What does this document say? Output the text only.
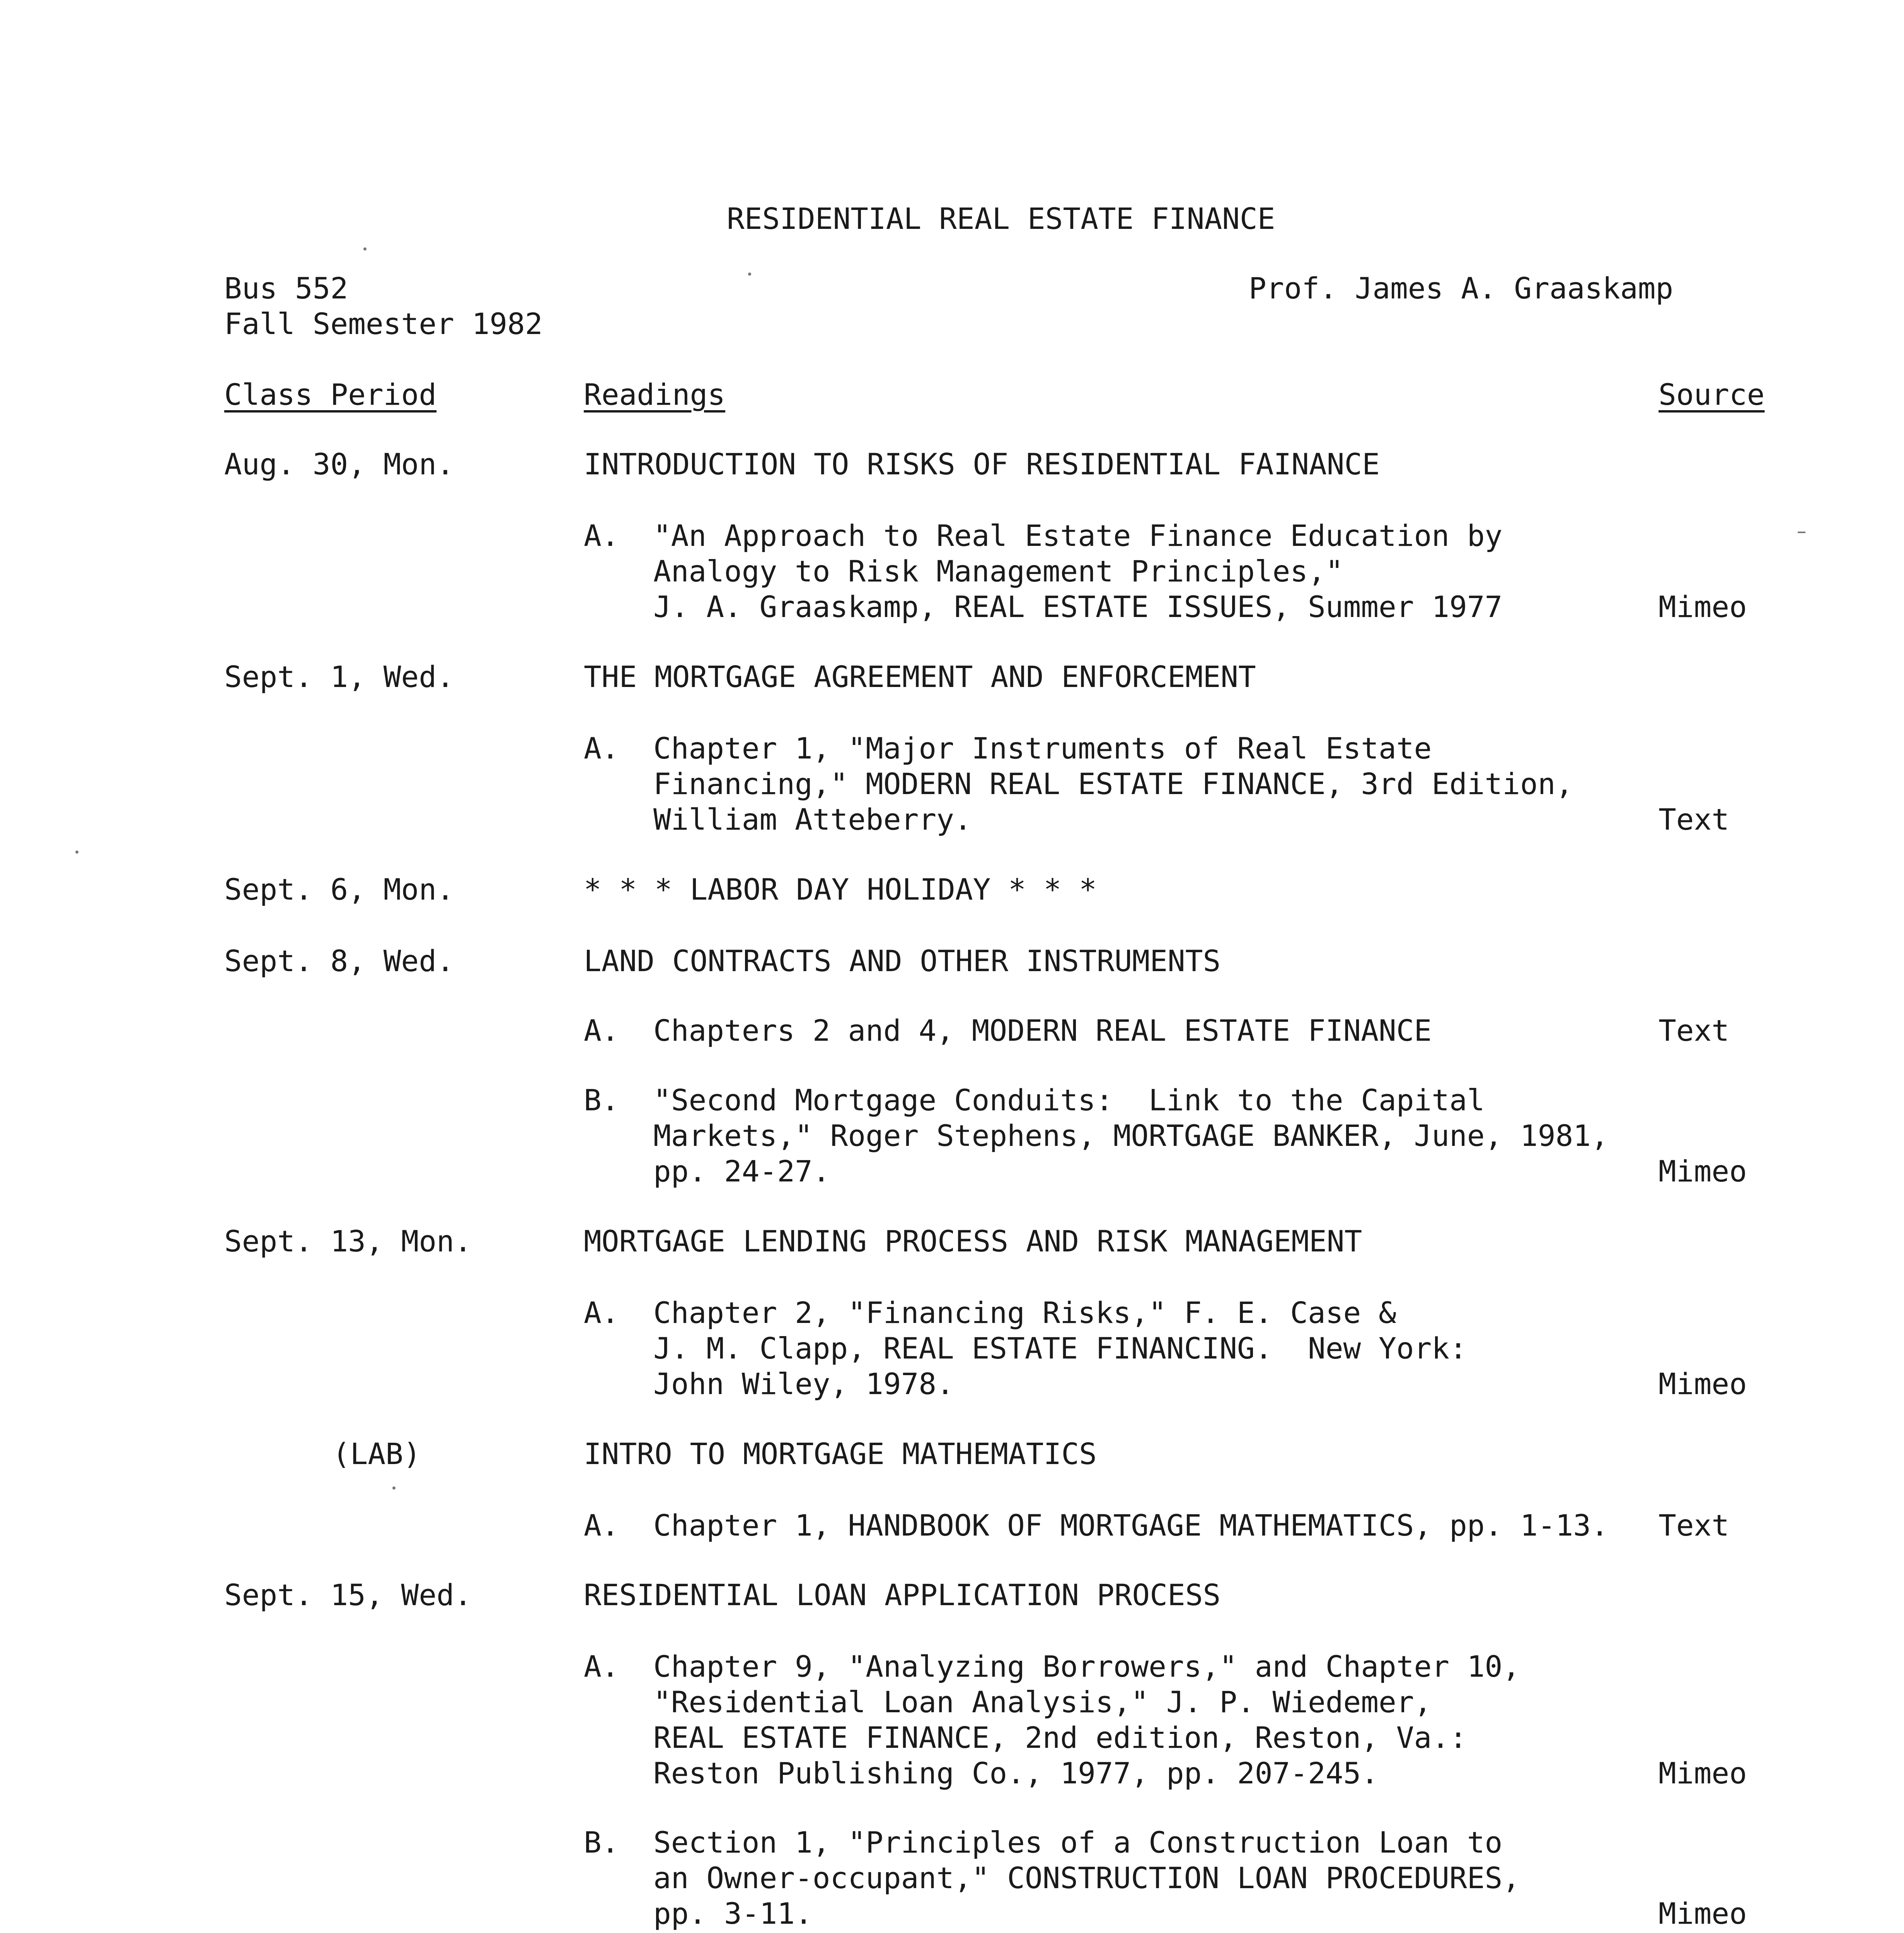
RESIDENTIAL REAL ESTATE FINANCE
Bus 552
Fall Semester 1982
Prof. James A. Graaskamp
Class Period	Readings	Source
Aug. 30, Mon.	INTRODUCTION TO RISKS OF RESIDENTIAL FAINANCE
A. "An Approach to Real Estate Finance Education by
Analogy to Risk Management Principles,"
J. A. Graaskamp, REAL ESTATE ISSUES, Summer 1977	Mimeo
Sept. 1, Wed.	THE MORTGAGE AGREEMENT AND ENFORCEMENT
A. Chapter 1, "Major Instruments of Real Estate
Financing," MODERN REAL ESTATE FINANCE, 3rd Edition,
William Atteberry.	Text
Sept. 6, Mon.	* * * LABOR DAY HOLIDAY * * *
Sept. 8, Wed.	LAND CONTRACTS AND OTHER INSTRUMENTS
A. Chapters 2 and 4, MODERN REAL ESTATE FINANCE	Text
B. "Second Mortgage Conduits:  Link to the Capital
Markets," Roger Stephens, MORTGAGE BANKER, June, 1981,
pp. 24-27.	Mimeo
Sept. 13, Mon.	MORTGAGE LENDING PROCESS AND RISK MANAGEMENT
A. Chapter 2, "Financing Risks," F. E. Case &
J. M. Clapp, REAL ESTATE FINANCING.  New York:
John Wiley, 1978.	Mimeo
(LAB)	INTRO TO MORTGAGE MATHEMATICS
A. Chapter 1, HANDBOOK OF MORTGAGE MATHEMATICS, pp. 1-13. Text
Sept. 15, Wed.	RESIDENTIAL LOAN APPLICATION PROCESS
A. Chapter 9, "Analyzing Borrowers," and Chapter 10,
"Residential Loan Analysis," J. P. Wiedemer,
REAL ESTATE FINANCE, 2nd edition, Reston, Va.:
Reston Publishing Co., 1977, pp. 207-245.	Mimeo
B. Section 1, "Principles of a Construction Loan to
an Owner-occupant," CONSTRUCTION LOAN PROCEDURES,
pp. 3-11.	Mimeo
